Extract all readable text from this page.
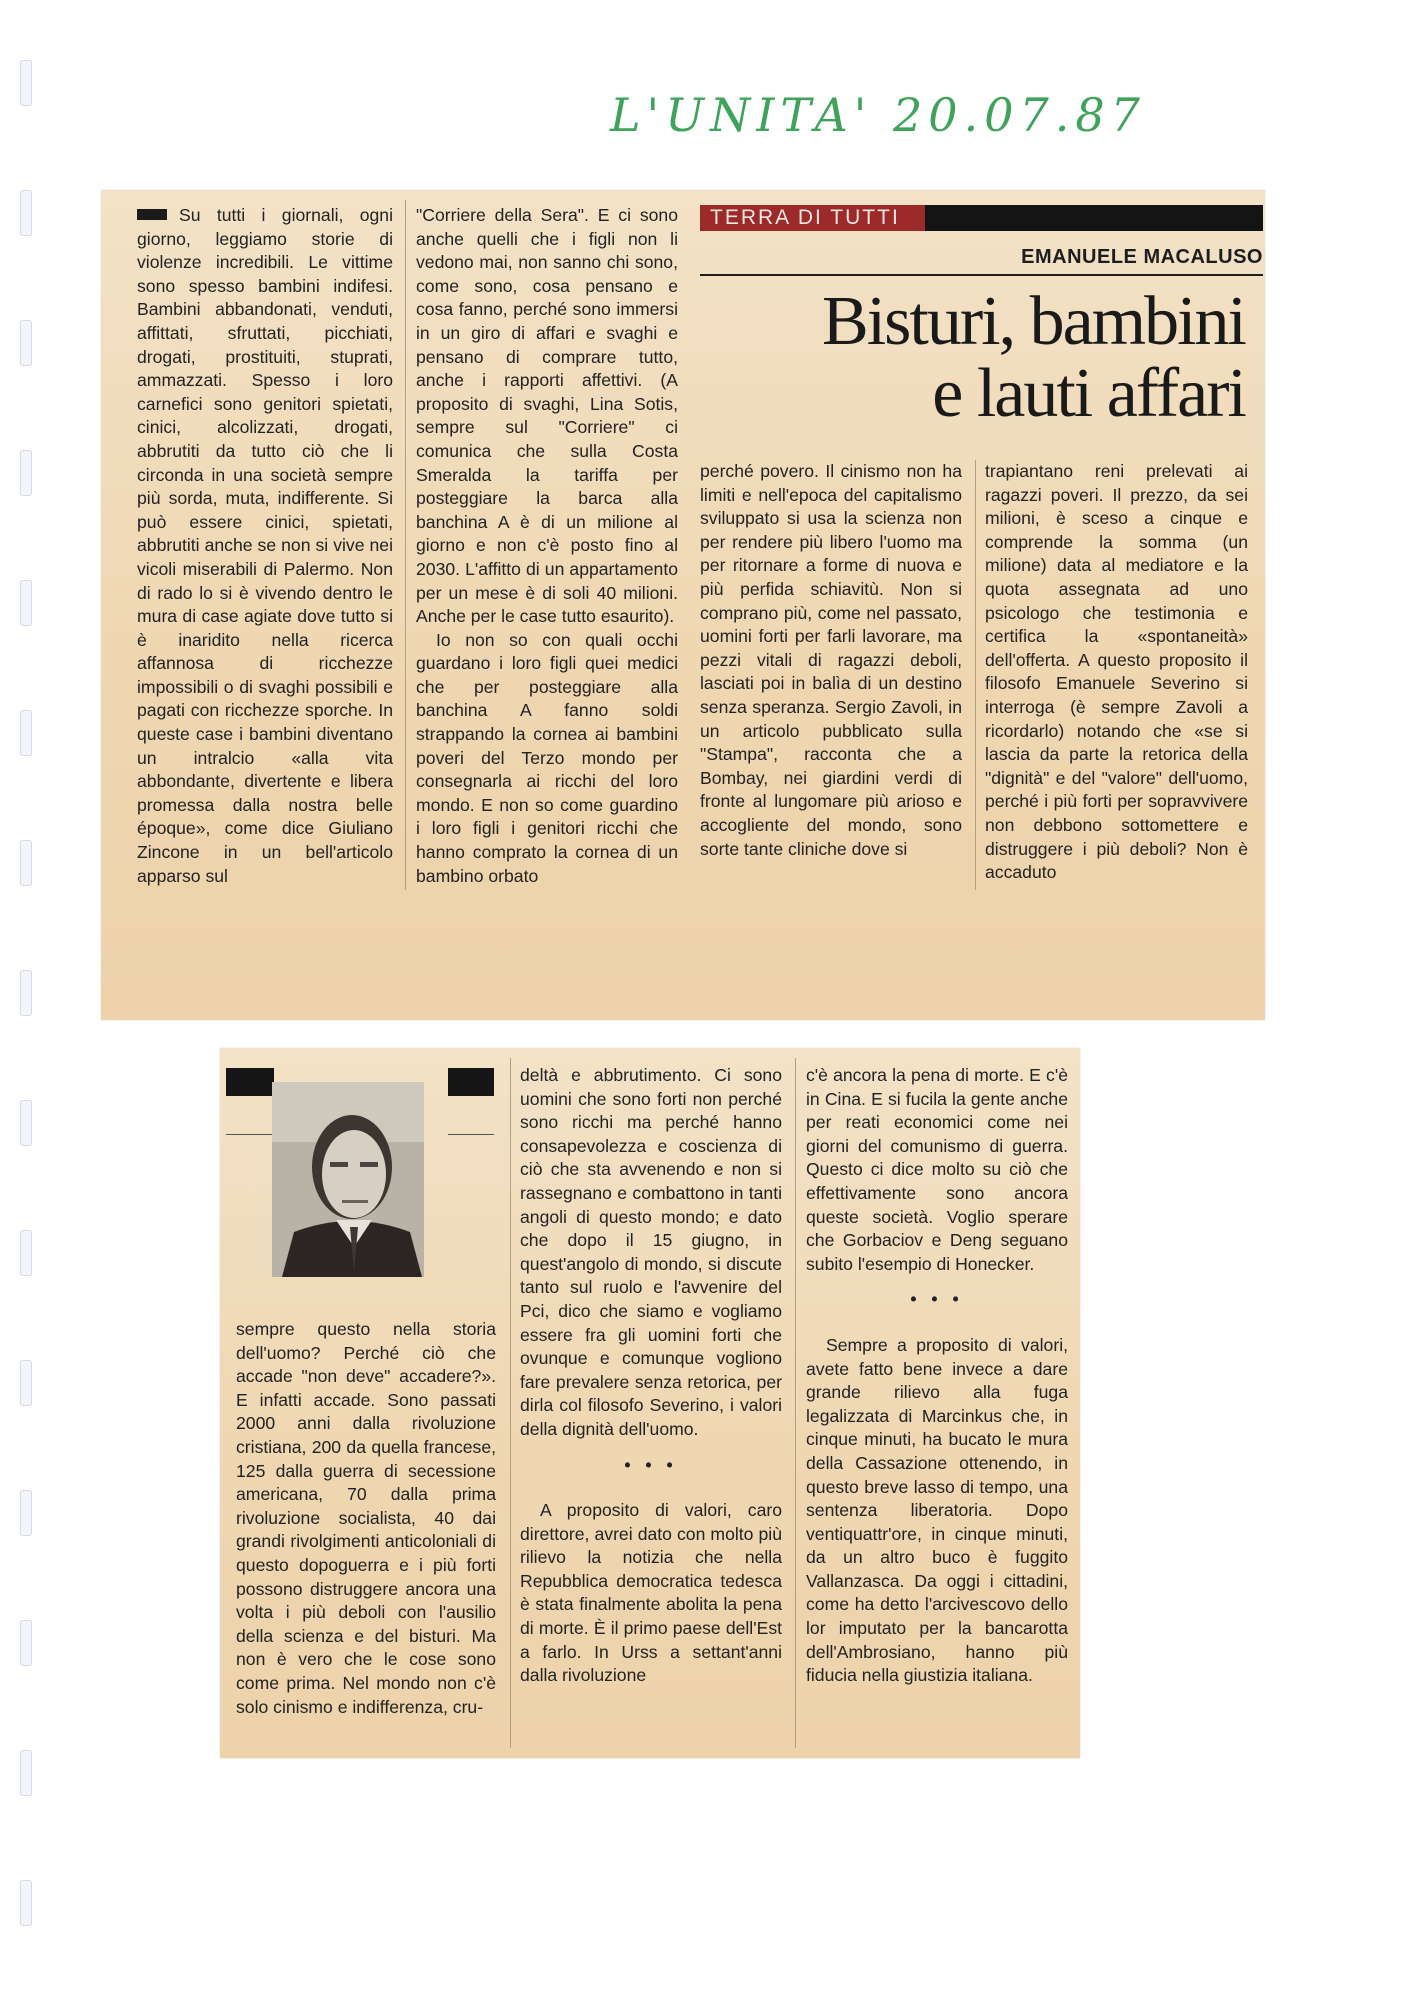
L'UNITA' 20.07.87

Su tutti i giornali, ogni giorno, leggiamo storie di violenze incredibili. Le vittime sono spesso bambini indifesi. Bambini abbandonati, venduti, affittati, sfruttati, picchiati, drogati, prostituiti, stuprati, ammazzati. Spesso i loro carnefici sono genitori spietati, cinici, alcolizzati, drogati, abbrutiti da tutto ciò che li circonda in una società sempre più sorda, muta, indifferente. Si può essere cinici, spietati, abbrutiti anche se non si vive nei vicoli miserabili di Palermo. Non di rado lo si è vivendo dentro le mura di case agiate dove tutto si è inaridito nella ricerca affannosa di ricchezze impossibili o di svaghi possibili e pagati con ricchezze sporche. In queste case i bambini diventano un intralcio «alla vita abbondante, divertente e libera promessa dalla nostra belle époque», come dice Giuliano Zincone in un bell'articolo apparso sul

"Corriere della Sera". E ci sono anche quelli che i figli non li vedono mai, non sanno chi sono, come sono, cosa pensano e cosa fanno, perché sono immersi in un giro di affari e svaghi e pensano di comprare tutto, anche i rapporti affettivi. (A proposito di svaghi, Lina Sotis, sempre sul "Corriere" ci comunica che sulla Costa Smeralda la tariffa per posteggiare la barca alla banchina A è di un milione al giorno e non c'è posto fino al 2030. L'affitto di un appartamento per un mese è di soli 40 milioni. Anche per le case tutto esaurito).

Io non so con quali occhi guardano i loro figli quei medici che per posteggiare alla banchina A fanno soldi strappando la cornea ai bambini poveri del Terzo mondo per consegnarla ai ricchi del loro mondo. E non so come guardino i loro figli i genitori ricchi che hanno comprato la cornea di un bambino orbato

TERRA DI TUTTI
EMANUELE MACALUSO
Bisturi, bambini
e lauti affari

perché povero. Il cinismo non ha limiti e nell'epoca del capitalismo sviluppato si usa la scienza non per rendere più libero l'uomo ma per ritornare a forme di nuova e più perfida schiavitù. Non si comprano più, come nel passato, uomini forti per farli lavorare, ma pezzi vitali di ragazzi deboli, lasciati poi in balìa di un destino senza speranza. Sergio Zavoli, in un articolo pubblicato sulla "Stampa", racconta che a Bombay, nei giardini verdi di fronte al lungomare più arioso e accogliente del mondo, sono sorte tante cliniche dove si

trapiantano reni prelevati ai ragazzi poveri. Il prezzo, da sei milioni, è sceso a cinque e comprende la somma (un milione) data al mediatore e la quota assegnata ad uno psicologo che testimonia e certifica la «spontaneità» dell'offerta. A questo proposito il filosofo Emanuele Severino si interroga (è sempre Zavoli a ricordarlo) notando che «se si lascia da parte la retorica della "dignità" e del "valore" dell'uomo, perché i più forti per sopravvivere non debbono sottomettere e distruggere i più deboli? Non è accaduto

sempre questo nella storia dell'uomo? Perché ciò che accade "non deve" accadere?». E infatti accade. Sono passati 2000 anni dalla rivoluzione cristiana, 200 da quella francese, 125 dalla guerra di secessione americana, 70 dalla prima rivoluzione socialista, 40 dai grandi rivolgimenti anticoloniali di questo dopoguerra e i più forti possono distruggere ancora una volta i più deboli con l'ausilio della scienza e del bisturi. Ma non è vero che le cose sono come prima. Nel mondo non c'è solo cinismo e indifferenza, cru-

deltà e abbrutimento. Ci sono uomini che sono forti non perché sono ricchi ma perché hanno consapevolezza e coscienza di ciò che sta avvenendo e non si rassegnano e combattono in tanti angoli di questo mondo; e dato che dopo il 15 giugno, in quest'angolo di mondo, si discute tanto sul ruolo e l'avvenire del Pci, dico che siamo e vogliamo essere fra gli uomini forti che ovunque e comunque vogliono fare prevalere senza retorica, per dirla col filosofo Severino, i valori della dignità dell'uomo.

• • •

A proposito di valori, caro direttore, avrei dato con molto più rilievo la notizia che nella Repubblica democratica tedesca è stata finalmente abolita la pena di morte. È il primo paese dell'Est a farlo. In Urss a settant'anni dalla rivoluzione

c'è ancora la pena di morte. E c'è in Cina. E si fucila la gente anche per reati economici come nei giorni del comunismo di guerra. Questo ci dice molto su ciò che effettivamente sono ancora queste società. Voglio sperare che Gorbaciov e Deng seguano subito l'esempio di Honecker.

• • •

Sempre a proposito di valori, avete fatto bene invece a dare grande rilievo alla fuga legalizzata di Marcinkus che, in cinque minuti, ha bucato le mura della Cassazione ottenendo, in questo breve lasso di tempo, una sentenza liberatoria. Dopo ventiquattr'ore, in cinque minuti, da un altro buco è fuggito Vallanzasca. Da oggi i cittadini, come ha detto l'arcivescovo dello lor imputato per la bancarotta dell'Ambrosiano, hanno più fiducia nella giustizia italiana.
